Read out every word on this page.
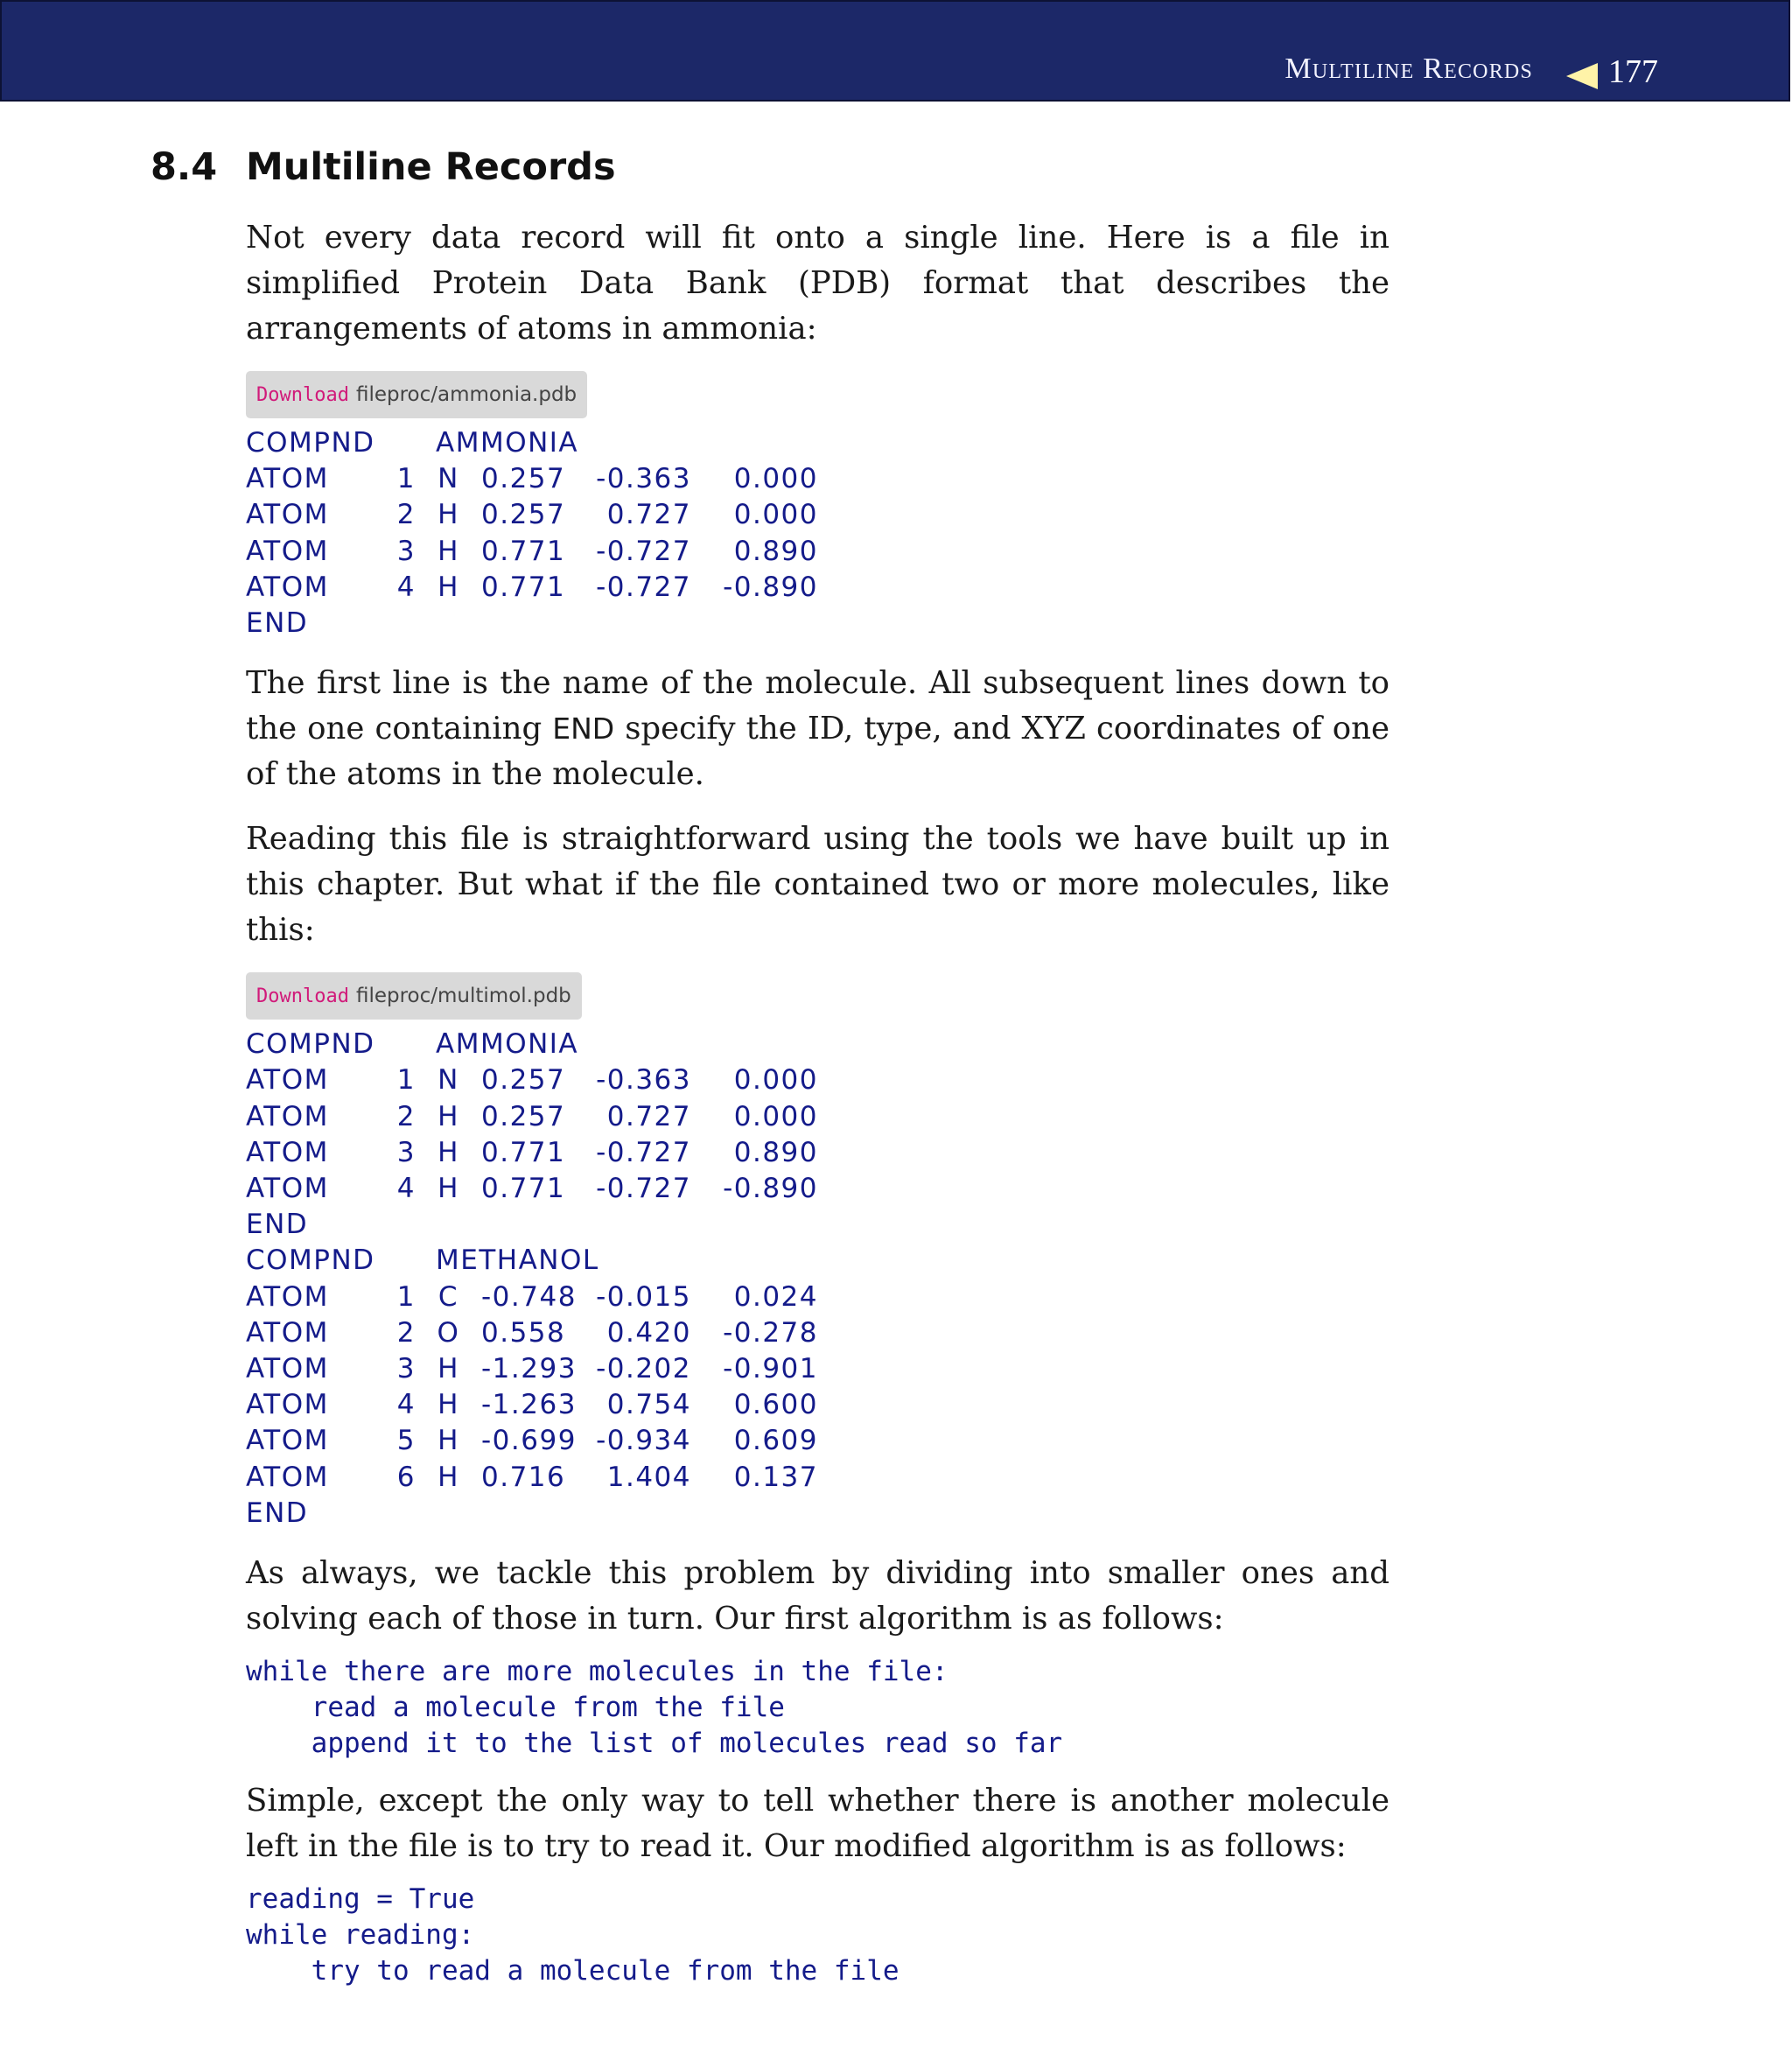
Multiline Records 177
8.4 Multiline Records

Not every data record will fit onto a single line. Here is a file in simplified Protein Data Bank (PDB) format that describes the arrangements of atoms in ammonia:

Download fileproc/ammonia.pdb
COMPND	AMMONIA				
ATOM	1	N	0.257	-0.363	0.000
ATOM	2	H	0.257	0.727	0.000
ATOM	3	H	0.771	-0.727	0.890
ATOM	4	H	0.771	-0.727	-0.890
END					

The first line is the name of the molecule. All subsequent lines down to the one containing END specify the ID, type, and XYZ coordinates of one of the atoms in the molecule.

Reading this file is straightforward using the tools we have built up in this chapter. But what if the file contained two or more molecules, like this:

Download fileproc/multimol.pdb
COMPND	AMMONIA				
ATOM	1	N	0.257	-0.363	0.000
ATOM	2	H	0.257	0.727	0.000
ATOM	3	H	0.771	-0.727	0.890
ATOM	4	H	0.771	-0.727	-0.890
END					
COMPND	METHANOL				
ATOM	1	C	-0.748	-0.015	0.024
ATOM	2	O	0.558	0.420	-0.278
ATOM	3	H	-1.293	-0.202	-0.901
ATOM	4	H	-1.263	0.754	0.600
ATOM	5	H	-0.699	-0.934	0.609
ATOM	6	H	0.716	1.404	0.137
END					

As always, we tackle this problem by dividing into smaller ones and solving each of those in turn. Our first algorithm is as follows:

while there are more molecules in the file:
read a molecule from the file
append it to the list of molecules read so far

Simple, except the only way to tell whether there is another molecule left in the file is to try to read it. Our modified algorithm is as follows:

reading = True
while reading:
try to read a molecule from the file
